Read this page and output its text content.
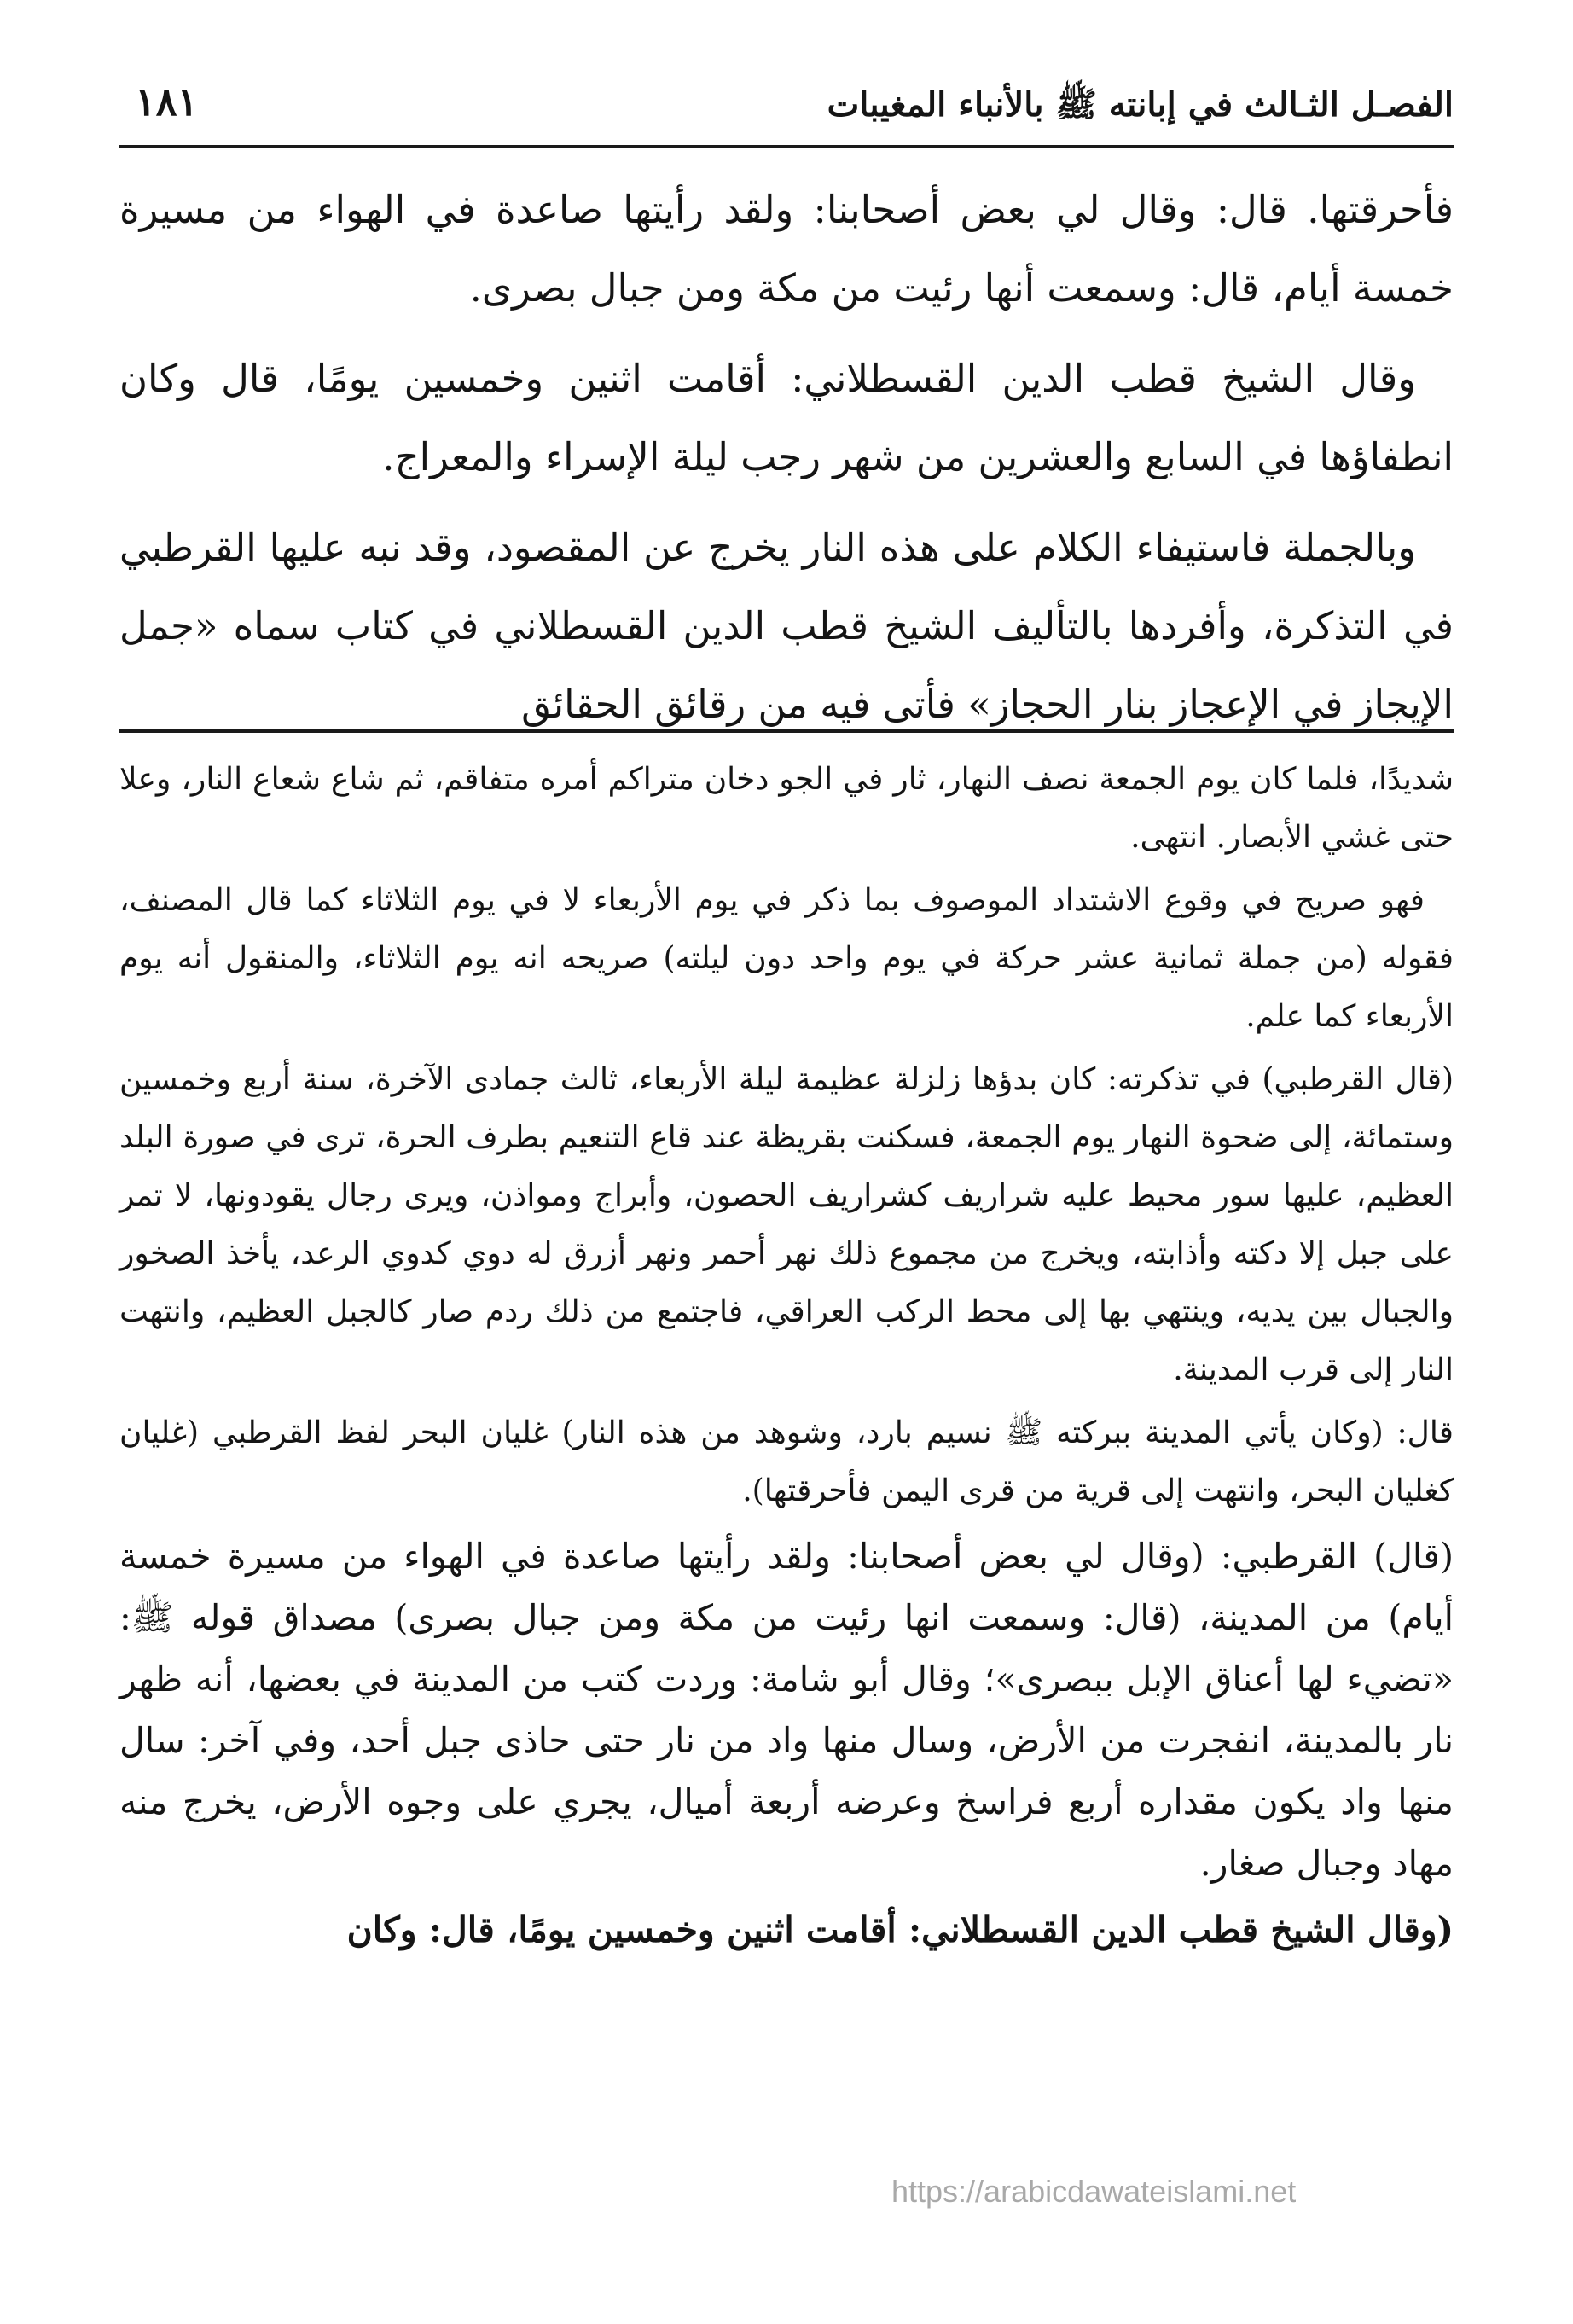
الفصـل الثـالث في إبانته ﷺ بالأنباء المغيبات
١٨١

فأحرقتها. قال: وقال لي بعض أصحابنا: ولقد رأيتها صاعدة في الهواء من مسيرة خمسة أيام، قال: وسمعت أنها رئيت من مكة ومن جبال بصرى.

وقال الشيخ قطب الدين القسطلاني: أقامت اثنين وخمسين يومًا، قال وكان انطفاؤها في السابع والعشرين من شهر رجب ليلة الإسراء والمعراج.

وبالجملة فاستيفاء الكلام على هذه النار يخرج عن المقصود، وقد نبه عليها القرطبي في التذكرة، وأفردها بالتأليف الشيخ قطب الدين القسطلاني في كتاب سماه «جمل الإيجاز في الإعجاز بنار الحجاز» فأتى فيه من رقائق الحقائق

شديدًا، فلما كان يوم الجمعة نصف النهار، ثار في الجو دخان متراكم أمره متفاقم، ثم شاع شعاع النار، وعلا حتى غشي الأبصار. انتهى.

فهو صريح في وقوع الاشتداد الموصوف بما ذكر في يوم الأربعاء لا في يوم الثلاثاء كما قال المصنف، فقوله (من جملة ثمانية عشر حركة في يوم واحد دون ليلته) صريحه انه يوم الثلاثاء، والمنقول أنه يوم الأربعاء كما علم.

(قال القرطبي) في تذكرته: كان بدؤها زلزلة عظيمة ليلة الأربعاء، ثالث جمادى الآخرة، سنة أربع وخمسين وستمائة، إلى ضحوة النهار يوم الجمعة، فسكنت بقريظة عند قاع التنعيم بطرف الحرة، ترى في صورة البلد العظيم، عليها سور محيط عليه شراريف كشراريف الحصون، وأبراج ومواذن، ويرى رجال يقودونها، لا تمر على جبل إلا دكته وأذابته، ويخرج من مجموع ذلك نهر أحمر ونهر أزرق له دوي كدوي الرعد، يأخذ الصخور والجبال بين يديه، وينتهي بها إلى محط الركب العراقي، فاجتمع من ذلك ردم صار كالجبل العظيم، وانتهت النار إلى قرب المدينة.

قال: (وكان يأتي المدينة ببركته ﷺ نسيم بارد، وشوهد من هذه النار) غليان البحر لفظ القرطبي (غليان كغليان البحر، وانتهت إلى قرية من قرى اليمن فأحرقتها).

(قال) القرطبي: (وقال لي بعض أصحابنا: ولقد رأيتها صاعدة في الهواء من مسيرة خمسة أيام) من المدينة، (قال: وسمعت انها رئيت من مكة ومن جبال بصرى) مصداق قوله ﷺ: «تضيء لها أعناق الإبل ببصرى»؛ وقال أبو شامة: وردت كتب من المدينة في بعضها، أنه ظهر نار بالمدينة، انفجرت من الأرض، وسال منها واد من نار حتى حاذى جبل أحد، وفي آخر: سال منها واد يكون مقداره أربع فراسخ وعرضه أربعة أميال، يجري على وجوه الأرض، يخرج منه مهاد وجبال صغار.

(وقال الشيخ قطب الدين القسطلاني: أقامت اثنين وخمسين يومًا، قال: وكان

https://arabicdawateislami.net
